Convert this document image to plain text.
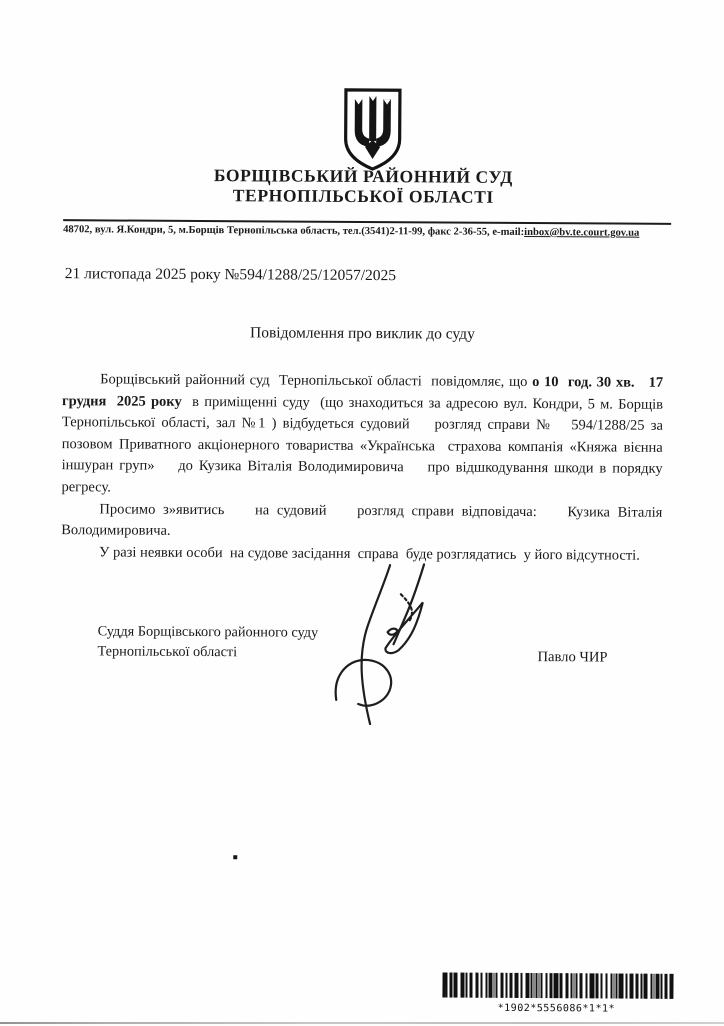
БОРЩІВСЬКИЙ РАЙОННИЙ СУД
ТЕРНОПІЛЬСЬКОЇ ОБЛАСТІ
48702, вул. Я.Кондри, 5, м.Борщів Тернопільська область, тел.(3541)2-11-99, факс 2-36-55, e-mail:inbox@bv.te.court.gov.ua
21 листопада 2025 року №594/1288/25/12057/2025
Повідомлення про виклик до суду

Борщівський районний суд  Тернопільської області  повідомляє, що о 10  год. 30 хв.   17 грудня  2025 року  в приміщенні суду  (що знаходиться за адресою вул. Кондри, 5 м. Борщів Тернопільської області, зал №1 ) відбудеться судовий    розгляд справи №   594/1288/25 за позовом Приватного акціонерного товариства «Українська  страхова компанія «Княжа вієнна іншуран груп»    до Кузика Віталія Володимировича    про відшкодування шкоди в порядку регресу.

Просимо з»явитись    на судовий    розгляд справи відповідача:    Кузика Віталія Володимировича.

У разі неявки особи  на судове засідання  справа  буде розглядатись  у його відсутності.

Суддя Борщівського районного суду
Тернопільської області	Павло ЧИР
*1902*5556086*1*1*
